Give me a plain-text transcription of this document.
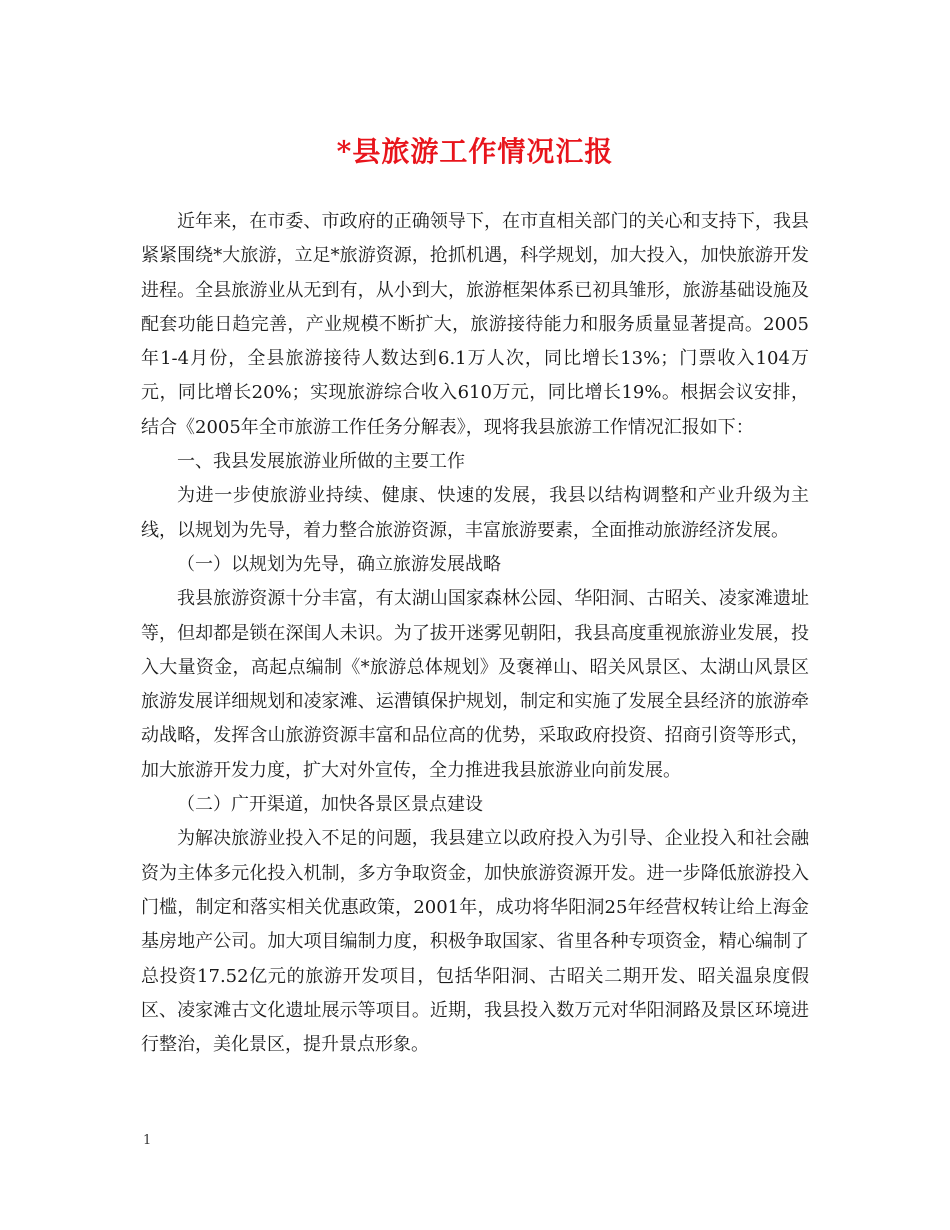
*县旅游工作情况汇报

近年来，在市委、市政府的正确领导下，在市直相关部门的关心和支持下，我县紧紧围绕*大旅游，立足*旅游资源，抢抓机遇，科学规划，加大投入，加快旅游开发进程。全县旅游业从无到有，从小到大，旅游框架体系已初具雏形，旅游基础设施及配套功能日趋完善，产业规模不断扩大，旅游接待能力和服务质量显著提高。2005年1-4月份，全县旅游接待人数达到6.1万人次，同比增长13%；门票收入104万元，同比增长20%；实现旅游综合收入610万元，同比增长19%。根据会议安排，结合《2005年全市旅游工作任务分解表》，现将我县旅游工作情况汇报如下：

一、我县发展旅游业所做的主要工作

为进一步使旅游业持续、健康、快速的发展，我县以结构调整和产业升级为主线，以规划为先导，着力整合旅游资源，丰富旅游要素，全面推动旅游经济发展。

（一）以规划为先导，确立旅游发展战略

我县旅游资源十分丰富，有太湖山国家森林公园、华阳洞、古昭关、凌家滩遗址等，但却都是锁在深闺人未识。为了拔开迷雾见朝阳，我县高度重视旅游业发展，投入大量资金，高起点编制《*旅游总体规划》及褒禅山、昭关风景区、太湖山风景区旅游发展详细规划和凌家滩、运漕镇保护规划，制定和实施了发展全县经济的旅游牵动战略，发挥含山旅游资源丰富和品位高的优势，采取政府投资、招商引资等形式，加大旅游开发力度，扩大对外宣传，全力推进我县旅游业向前发展。

（二）广开渠道，加快各景区景点建设

为解决旅游业投入不足的问题，我县建立以政府投入为引导、企业投入和社会融资为主体多元化投入机制，多方争取资金，加快旅游资源开发。进一步降低旅游投入门槛，制定和落实相关优惠政策，2001年，成功将华阳洞25年经营权转让给上海金基房地产公司。加大项目编制力度，积极争取国家、省里各种专项资金，精心编制了总投资17.52亿元的旅游开发项目，包括华阳洞、古昭关二期开发、昭关温泉度假区、凌家滩古文化遗址展示等项目。近期，我县投入数万元对华阳洞路及景区环境进行整治，美化景区，提升景点形象。

1
